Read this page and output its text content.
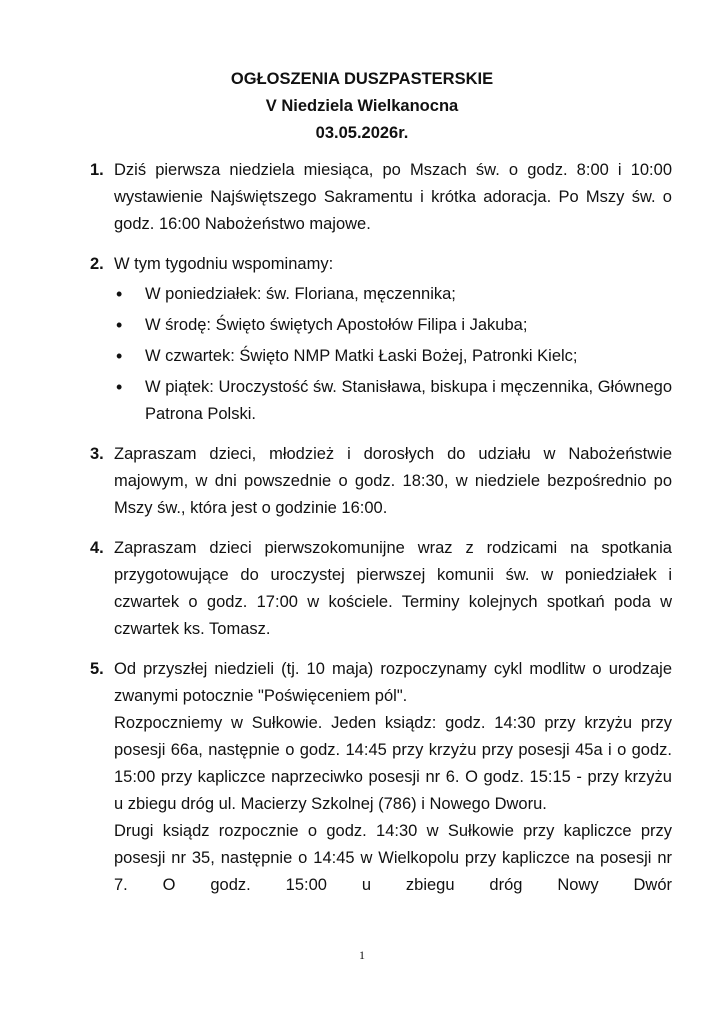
OGŁOSZENIA DUSZPASTERSKIE
V Niedziela Wielkanocna
03.05.2026r.
1. Dziś pierwsza niedziela miesiąca, po Mszach św. o godz. 8:00 i 10:00 wystawienie Najświętszego Sakramentu i krótka adoracja. Po Mszy św. o godz. 16:00 Nabożeństwo majowe.

2. W tym tygodniu wspominamy:

• W poniedziałek: św. Floriana, męczennika;
• W środę: Święto świętych Apostołów Filipa i Jakuba;
• W czwartek: Święto NMP Matki Łaski Bożej, Patronki Kielc;
• W piątek: Uroczystość św. Stanisława, biskupa i męczennika, Głównego Patrona Polski.
3. Zapraszam dzieci, młodzież i dorosłych do udziału w Nabożeństwie majowym, w dni powszednie o godz. 18:30, w niedziele bezpośrednio po Mszy św., która jest o godzinie 16:00.

4. Zapraszam dzieci pierwszokomunijne wraz z rodzicami na spotkania przygotowujące do uroczystej pierwszej komunii św. w poniedziałek i czwartek o godz. 17:00 w kościele. Terminy kolejnych spotkań poda w czwartek ks. Tomasz.

5. Od przyszłej niedzieli (tj. 10 maja) rozpoczynamy cykl modlitw o urodzaje zwanymi potocznie "Poświęceniem pól".

Rozpoczniemy w Sułkowie. Jeden ksiądz: godz. 14:30 przy krzyżu przy posesji 66a, następnie o godz. 14:45 przy krzyżu przy posesji 45a i o godz. 15:00 przy kapliczce naprzeciwko posesji nr 6. O godz. 15:15 - przy krzyżu u zbiegu dróg ul. Macierzy Szkolnej (786) i Nowego Dworu.

Drugi ksiądz rozpocznie o godz. 14:30 w Sułkowie przy kapliczce przy posesji nr 35, następnie o 14:45 w Wielkopolu przy kapliczce na posesji nr 7. O godz. 15:00 u zbiegu dróg Nowy Dwór

1
